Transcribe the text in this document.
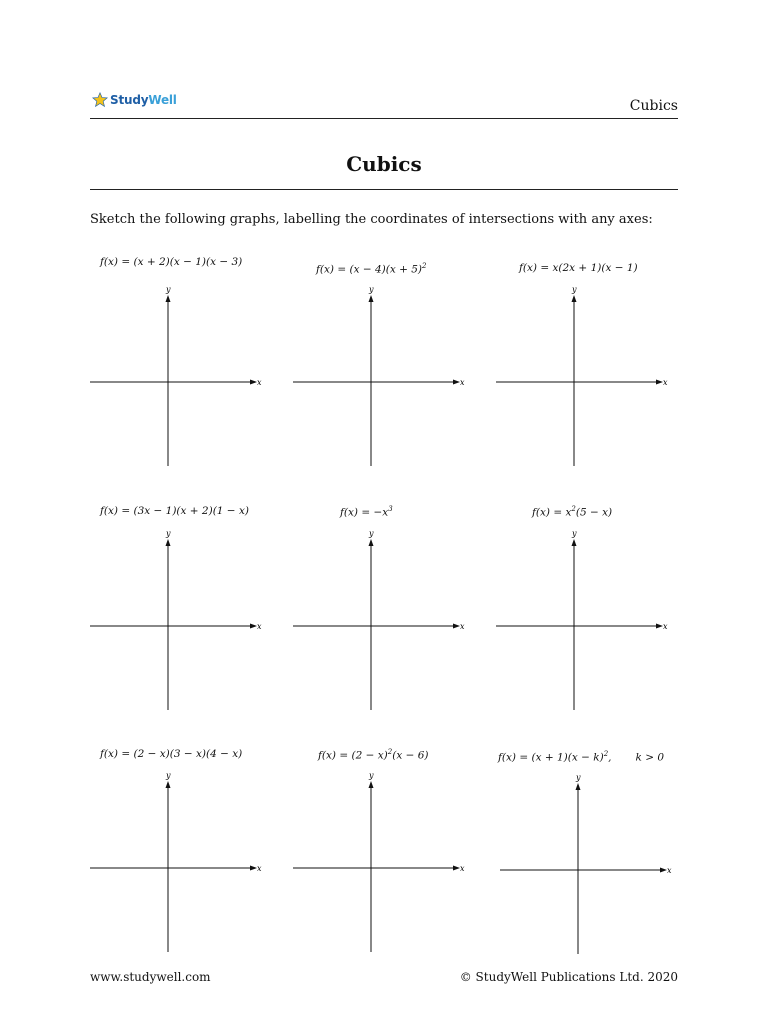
StudyWell	Cubics
Cubics
Sketch the following graphs, labelling the coordinates of intersections with any axes:
f(x) = (x + 2)(x − 1)(x − 3)
$f(x) = (x - 4)(x + 5)^2$	f(x) = x(2x + 1)(x − 1)
f(x) = (3x − 1)(x + 2)(1 − x)	$f(x) = -x^3$	$f(x) = x^2(5 - x)$
f(x) = (2 − x)(3 − x)(4 − x)	$f(x) = (2 - x)^2(x - 6)$	$f(x) = (x + 1)(x - k)^2$, k > 0
x
y
x
y
x
y
x
y
x
y
x
y
x
y
x
y
x
y
www.studywell.com	© StudyWell Publications Ltd. 2020
